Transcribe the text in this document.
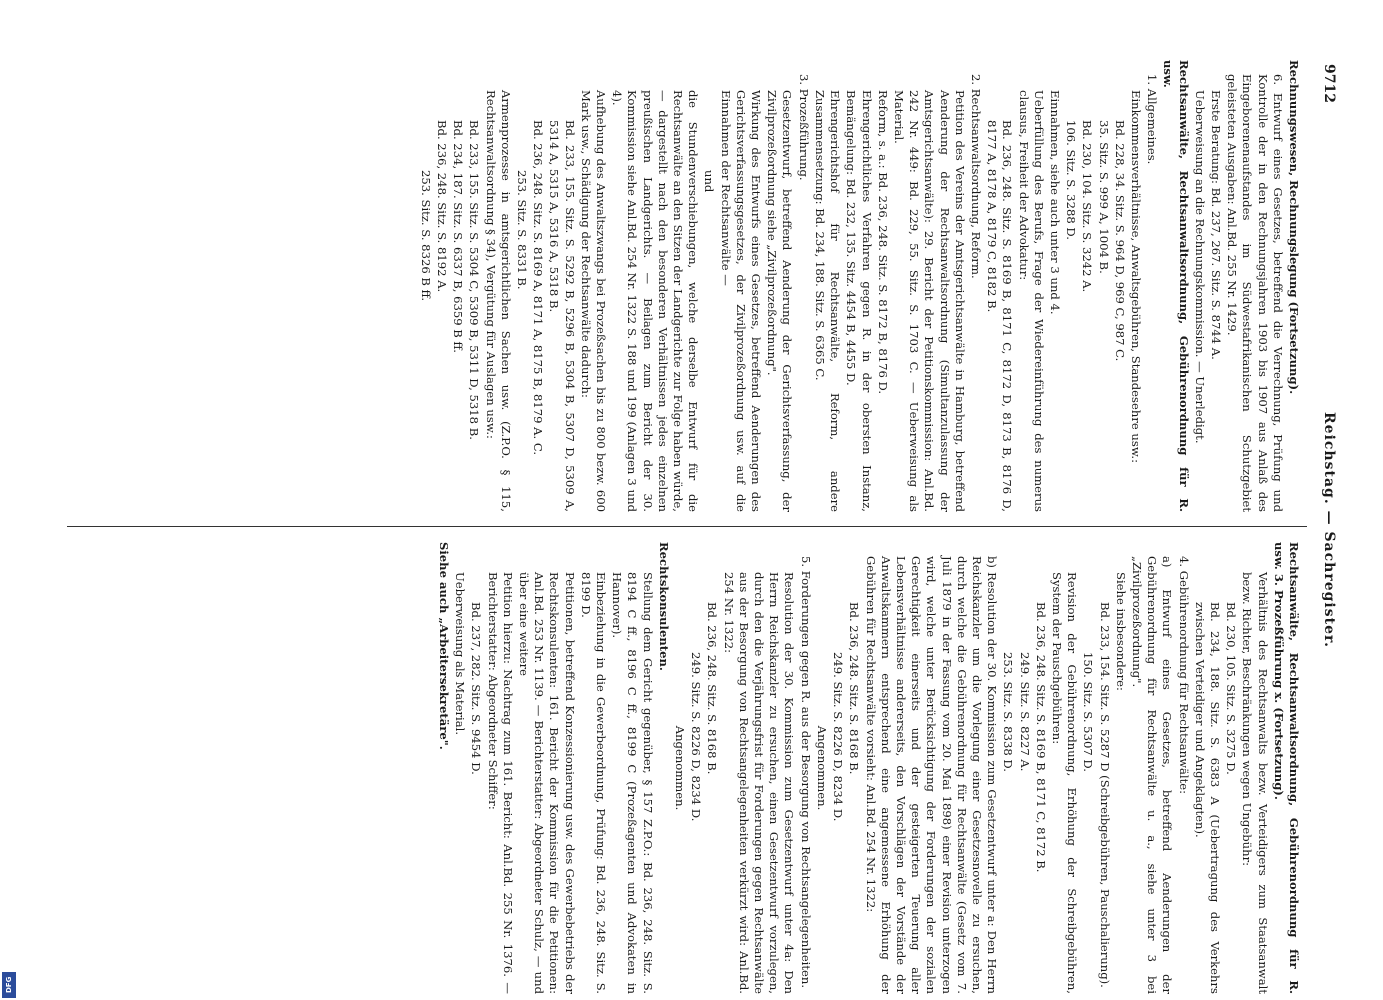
9712
Reichstag. — Sachregister.

Rechnungswesen, Rechnungslegung (Fortsetzung).

6. Entwurf eines Gesetzes, betreffend die Verrechnung, Prüfung und Kontrolle der in den Rechnungsjahren 1903 bis 1907 aus Anlaß des Eingeborenenaufstandes im Südwestafrikanischen Schutzgebiet geleisteten Ausgaben: Anl.Bd. 255 Nr. 1429.

Erste Beratung: Bd. 237, 267. Sitz. S. 8744 A.

Ueberweisung an die Rechnungskommission. — Unerledigt.

Rechtsanwälte, Rechtsanwaltsordnung, Gebührenordnung für R. usw.

1. Allgemeines.

Einkommensverhältnisse, Anwaltsgebühren, Standesehre usw.:

Bd. 228, 34. Sitz. S. 964 D, 969 C, 987 C.

35. Sitz. S. 999 A, 1004 B.

Bd. 230, 104. Sitz. S. 3242 A.

106. Sitz. S. 3288 D.

Einnahmen, siehe auch unter 3 und 4.

Ueberfüllung des Berufs, Frage der Wiedereinführung des numerus clausus, Freiheit der Advokatur:

Bd. 236, 248. Sitz. S. 8169 B, 8171 C, 8172 D, 8173 B, 8176 D, 8177 A, 8178 A, 8179 C, 8182 B.

2. Rechtsanwaltsordnung, Reform.

Petition des Vereins der Amtsgerichtsanwälte in Hamburg, betreffend Aenderung der Rechtsanwaltsordnung (Simultanzulassung der Amtsgerichtsanwälte): 29. Bericht der Petitionskommission: Anl.Bd. 242 Nr. 449: Bd. 229, 55. Sitz. S. 1703 C. — Ueberweisung als Material.

Reform, s. a.: Bd. 236, 248. Sitz. S. 8172 B, 8176 D.

Ehrengerichtliches Verfahren gegen R. in der obersten Instanz, Bemängelung: Bd. 232, 135. Sitz. 4454 B, 4455 D.

Ehrengerichtshof für Rechtsanwälte, Reform, andere Zusammensetzung: Bd. 234, 188. Sitz. S. 6365 C.

3. Prozeßführung.

Gesetzentwurf, betreffend Aenderung der Gerichtsverfassung, der Zivilprozeßordnung siehe „Zivilprozeßordnung".

Wirkung des Entwurfs eines Gesetzes, betreffend Aenderungen des Gerichtsverfassungsgesetzes, der Zivilprozeßordnung usw. auf die Einnahmen der Rechtsanwälte —

und

die Stundenverschiebungen, welche derselbe Entwurf für die Rechtsanwälte an den Sitzen der Landgerichte zur Folge haben würde, — dargestellt nach den besonderen Verhältnissen jedes einzelnen preußischen Landgerichts. — Beilagen zum Bericht der 30. Kommission siehe Anl.Bd. 254 Nr. 1322 S. 188 und 199 (Anlagen 3 und 4).

Aufhebung des Anwaltszwangs bei Prozeßsachen bis zu 800 bezw. 600 Mark usw., Schädigung der Rechtsanwälte dadurch:

Bd. 233, 155. Sitz. S. 5292 B, 5296 B, 5304 B, 5307 D, 5309 A, 5314 A, 5315 A, 5316 A, 5318 B.

Bd. 236, 248. Sitz. S. 8169 A, 8171 A, 8175 B, 8179 A. C.

253. Sitz. S. 8331 B.

Armenprozesse in amtsgerichtlichen Sachen usw. (Z.P.O. § 115, Rechtsanwaltsordnung § 34), Vergütung für Auslagen usw.:

Bd. 233, 155. Sitz. S. 5304 C, 5309 B, 5311 D, 5318 B.

Bd. 234, 187. Sitz. S. 6337 B, 6359 B ff.

Bd. 236, 248. Sitz. S. 8192 A.

253. Sitz. S. 8326 B ff.

Rechtsanwälte, Rechtsanwaltsordnung, Gebührenordnung für R. usw. 3. Prozeßführung x. (Fortsetzung).

Verhältnis des Rechtsanwalts bezw. Verteidigers zum Staatsanwalt bezw. Richter, Beschränkungen wegen Ungebühr:

Bd. 230, 105. Sitz. S. 3275 D.

Bd. 234, 188. Sitz. S. 6383 A (Uebertragung des Verkehrs zwischen Verteidiger und Angeklagten).

4. Gebührenordnung für Rechtsanwälte:

a) Entwurf eines Gesetzes, betreffend Aenderungen der Gebührenordnung für Rechtsanwälte u. a., siehe unter 3 bei „Zivilprozeßordnung".

Siehe insbesondere:

Bd. 233, 154. Sitz. S. 5287 D (Schreibgebühren, Pauschalierung).

150. Sitz. S. 5307 D.

Revision der Gebührenordnung, Erhöhung der Schreibgebühren, System der Pauschgebühren:

Bd. 236, 248. Sitz. S. 8169 B, 8171 C, 8172 B.

249. Sitz. S. 8227 A.

253. Sitz. S. 8338 D.

b) Resolution der 30. Kommission zum Gesetzentwurf unter a: Den Herrn Reichskanzler um die Vorlegung einer Gesetzesnovelle zu ersuchen, durch welche die Gebührenordnung für Rechtsanwälte (Gesetz vom 7. Juli 1879 in der Fassung vom 20. Mai 1898) einer Revision unterzogen wird, welche unter Berücksichtigung der Forderungen der sozialen Gerechtigkeit einerseits und der gesteigerten Teuerung aller Lebensverhältnisse andererseits, den Vorschlägen der Vorstände der Anwaltskammern entsprechend eine angemessene Erhöhung der Gebühren für Rechtsanwälte vorsieht: Anl.Bd. 254 Nr. 1322:

Bd. 236, 248. Sitz. S. 8168 B.

249. Sitz. S. 8226 D, 8234 D.

Angenommen.

5. Forderungen gegen R. aus der Besorgung von Rechtsangelegenheiten.

Resolution der 30. Kommission zum Gesetzentwurf unter 4a: Den Herrn Reichskanzler zu ersuchen, einen Gesetzentwurf vorzulegen, durch den die Verjährungsfrist für Forderungen gegen Rechtsanwälte aus der Besorgung von Rechtsangelegenheiten verkürzt wird: Anl.Bd. 254 Nr. 1322:

Bd. 236, 248. Sitz. S. 8168 B.

249. Sitz. S. 8226 D, 8234 D.

Angenommen.

Rechtskonsulenten.

Stellung dem Gericht gegenüber, § 157 Z.P.O.: Bd. 236, 248. Sitz. S. 8194 C ff., 8196 C ff., 8199 C (Prozeßagenten und Advokaten in Hannover).

Einbeziehung in die Gewerbeordnung, Prüfung: Bd. 236, 248. Sitz. S. 8199 D.

Petitionen, betreffend Konzessionierung usw. des Gewerbebetriebs der Rechtskonsulenten: 161. Bericht der Kommission für die Petitionen: Anl.Bd. 253 Nr. 1139. — Berichterstatter: Abgeordneter Schulz, — und über eine weitere

Petition hierzu: Nachtrag zum 161. Bericht: Anl.Bd. 255 Nr. 1376. — Berichterstatter: Abgeordneter Schiffer:

Bd. 237, 282. Sitz. S. 9454 D.

Ueberweisung als Material.

Siehe auch „Arbeitersekretäre".

DFG
